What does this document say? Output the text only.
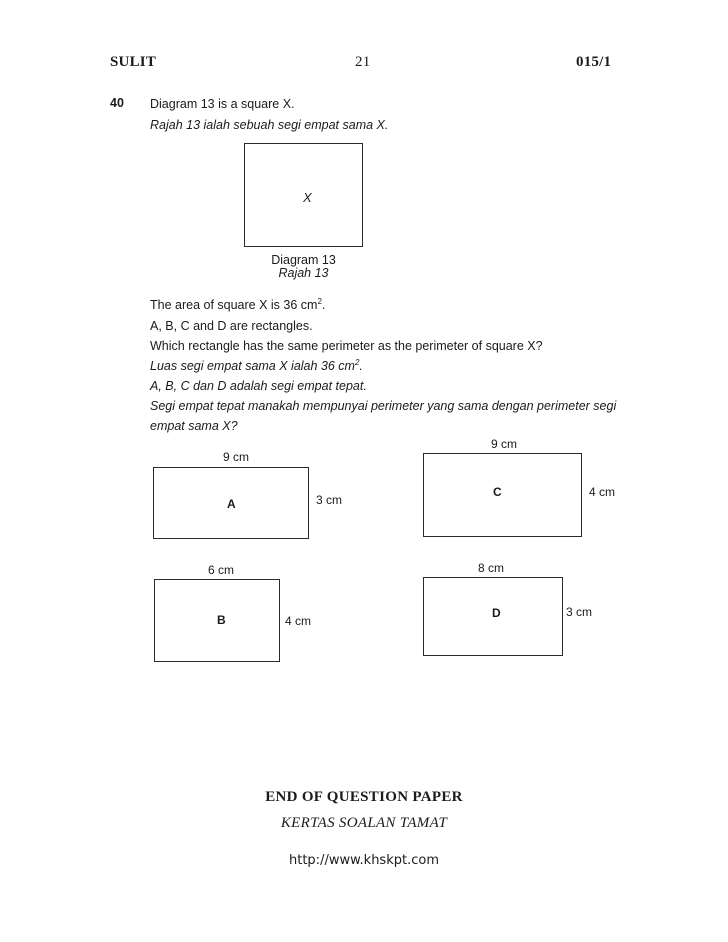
SULIT	21	015/1
40 Diagram 13 is a square X.
Rajah 13 ialah sebuah segi empat sama X.
X
Diagram 13
Rajah 13
The area of square X is 36 $cm^2$.
A, B, C and D are rectangles.
Which rectangle has the same perimeter as the perimeter of square X?
Luas segi empat sama X ialah 36 $cm^2$.
A, B, C dan D adalah segi empat tepat.
Segi empat tepat manakah mempunyai perimeter yang sama dengan perimeter segi
empat sama X?
9 cm
A	3 cm
9 cm
C	4 cm
6 cm
B	4 cm
8 cm
D	3 cm
END OF QUESTION PAPER
KERTAS SOALAN TAMAT
http://www.khskpt.com
